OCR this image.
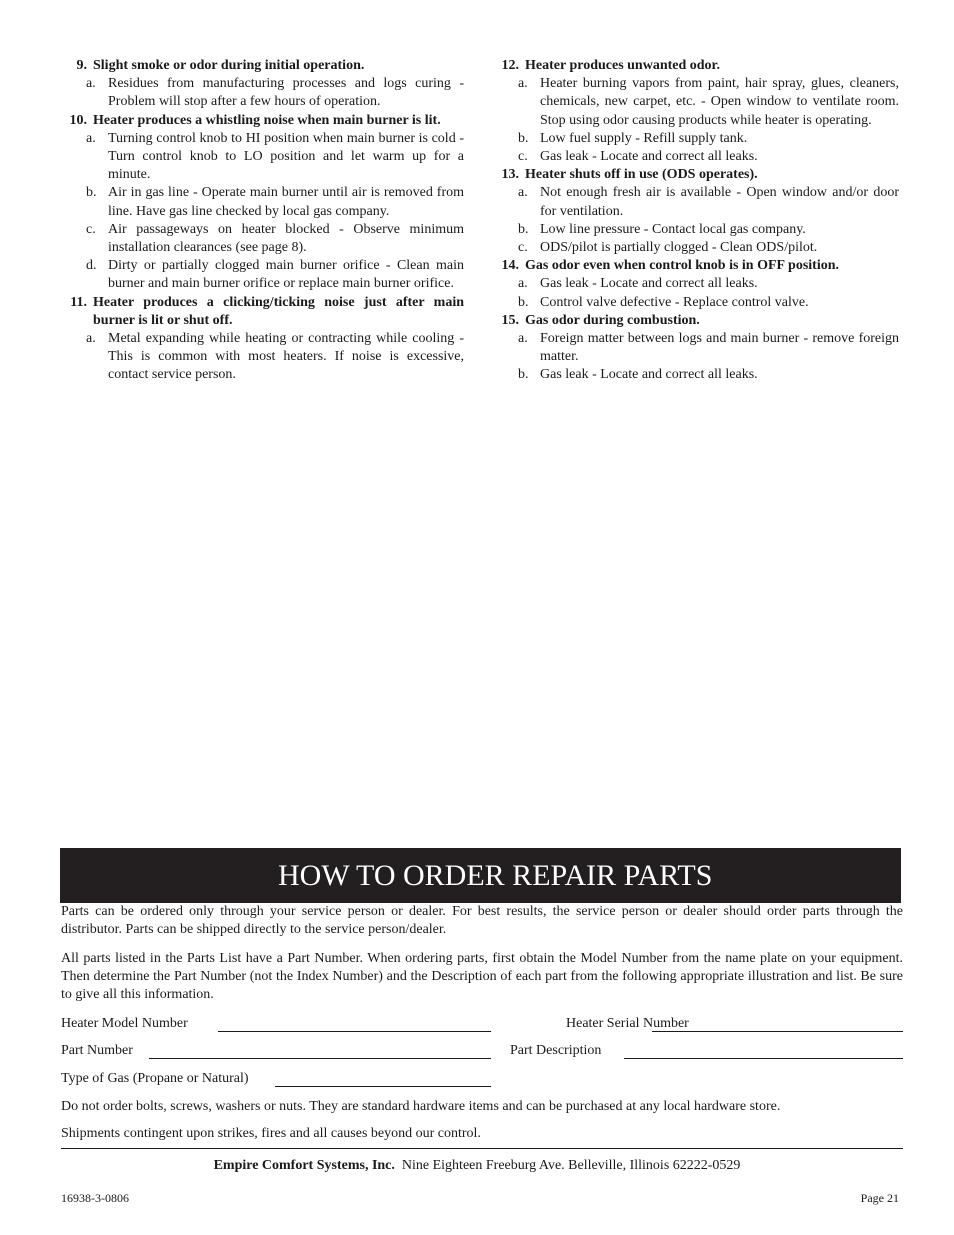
9. Slight smoke or odor during initial operation.
a. Residues from manufacturing processes and logs curing - Problem will stop after a few hours of operation.
10. Heater produces a whistling noise when main burner is lit.
a. Turning control knob to HI position when main burner is cold - Turn control knob to LO position and let warm up for a minute.
b. Air in gas line - Operate main burner until air is removed from line. Have gas line checked by local gas company.
c. Air passageways on heater blocked - Observe minimum installation clearances (see page 8).
d. Dirty or partially clogged main burner orifice - Clean main burner and main burner orifice or replace main burner orifice.
11. Heater produces a clicking/ticking noise just after main burner is lit or shut off.
a. Metal expanding while heating or contracting while cooling - This is common with most heaters. If noise is excessive, contact service person.
12. Heater produces unwanted odor.
a. Heater burning vapors from paint, hair spray, glues, cleaners, chemicals, new carpet, etc. - Open window to ventilate room. Stop using odor causing products while heater is operating.
b. Low fuel supply - Refill supply tank.
c. Gas leak - Locate and correct all leaks.
13. Heater shuts off in use (ODS operates).
a. Not enough fresh air is available - Open window and/or door for ventilation.
b. Low line pressure - Contact local gas company.
c. ODS/pilot is partially clogged - Clean ODS/pilot.
14. Gas odor even when control knob is in OFF position.
a. Gas leak - Locate and correct all leaks.
b. Control valve defective - Replace control valve.
15. Gas odor during combustion.
a. Foreign matter between logs and main burner - remove foreign matter.
b. Gas leak - Locate and correct all leaks.
HOW TO ORDER REPAIR PARTS

Parts can be ordered only through your service person or dealer. For best results, the service person or dealer should order parts through the distributor. Parts can be shipped directly to the service person/dealer.

All parts listed in the Parts List have a Part Number. When ordering parts, first obtain the Model Number from the name plate on your equipment. Then determine the Part Number (not the Index Number) and the Description of each part from the following appropriate illustration and list. Be sure to give all this information.

Heater Model Number	Heater Serial Number
Part Number	Part Description
Type of Gas (Propane or Natural)

Do not order bolts, screws, washers or nuts. They are standard hardware items and can be purchased at any local hardware store.

Shipments contingent upon strikes, fires and all causes beyond our control.

Empire Comfort Systems, Inc. Nine Eighteen Freeburg Ave. Belleville, Illinois 62222-0529
16938-3-0806	Page 21
